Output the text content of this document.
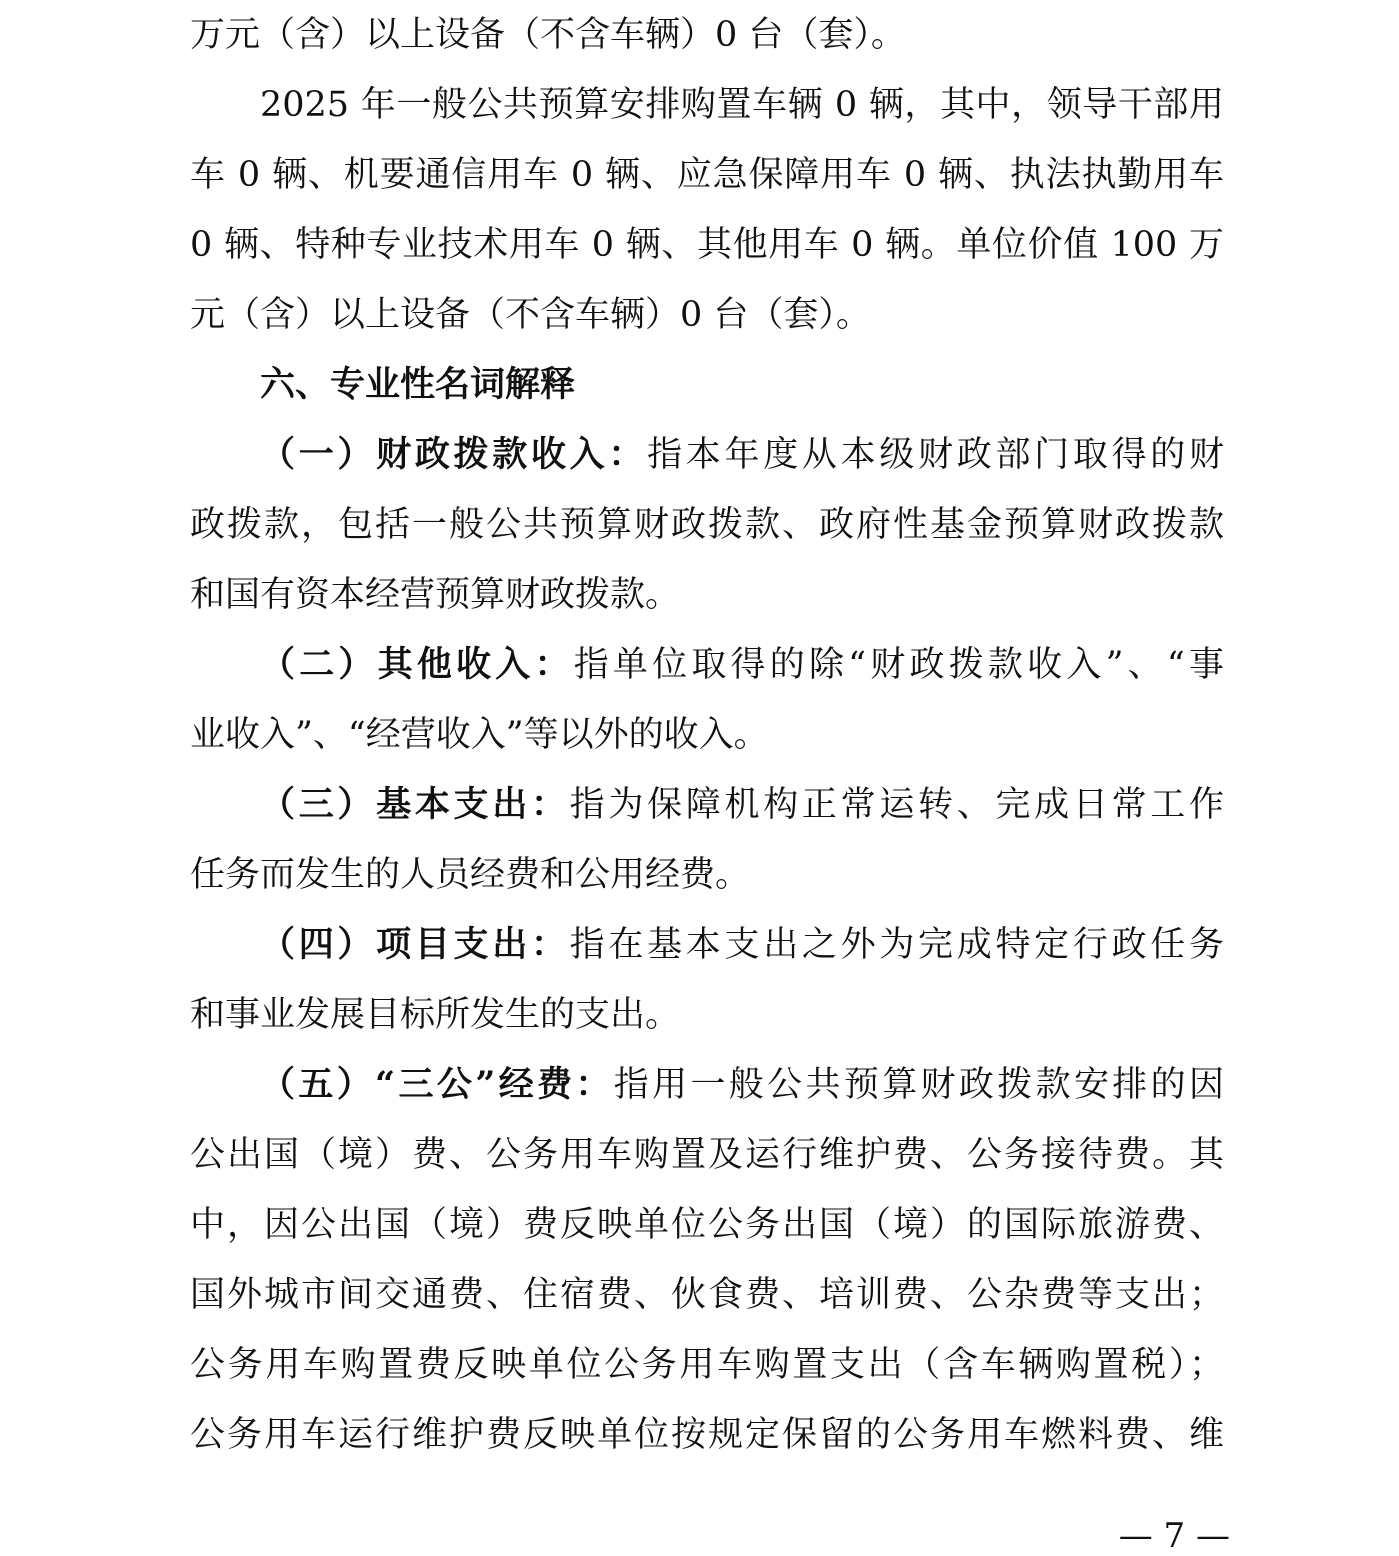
万元（含）以上设备（不含车辆）0 台（套）。
2025 年一般公共预算安排购置车辆 0 辆，其中，领导干部用
车 0 辆、机要通信用车 0 辆、应急保障用车 0 辆、执法执勤用车
0 辆、特种专业技术用车 0 辆、其他用车 0 辆。单位价值 100 万
元（含）以上设备（不含车辆）0 台（套）。
六、专业性名词解释
（一）财政拨款收入：指本年度从本级财政部门取得的财
政拨款，包括一般公共预算财政拨款、政府性基金预算财政拨款
和国有资本经营预算财政拨款。
（二）其他收入：指单位取得的除“财政拨款收入”、“事
业收入”、“经营收入”等以外的收入。
（三）基本支出：指为保障机构正常运转、完成日常工作
任务而发生的人员经费和公用经费。
（四）项目支出：指在基本支出之外为完成特定行政任务
和事业发展目标所发生的支出。
（五）“三公”经费：指用一般公共预算财政拨款安排的因
公出国（境）费、公务用车购置及运行维护费、公务接待费。其
中，因公出国（境）费反映单位公务出国（境）的国际旅游费、
国外城市间交通费、住宿费、伙食费、培训费、公杂费等支出；
公务用车购置费反映单位公务用车购置支出（含车辆购置税）；
公务用车运行维护费反映单位按规定保留的公务用车燃料费、维
— 7 —
